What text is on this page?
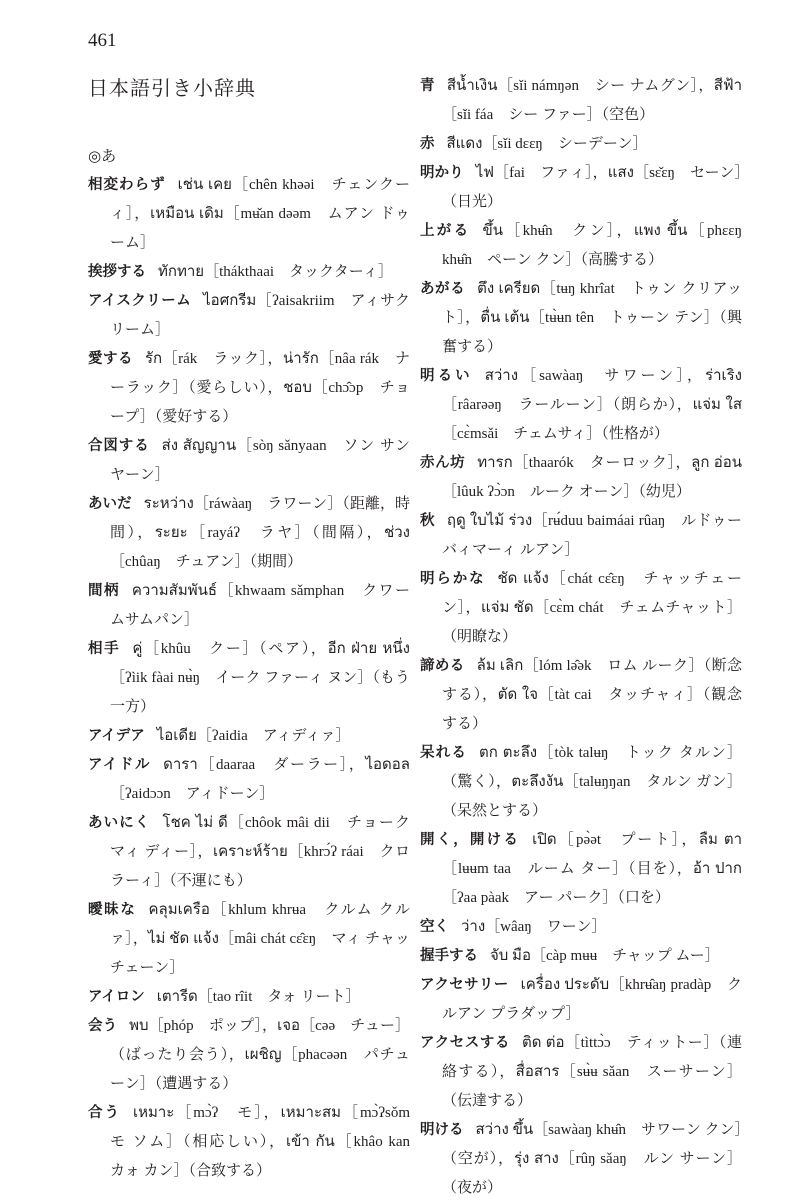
461
日本語引き小辞典
◎あ
相変わらず เช่น เคย［chên khəəi　チェンクーィ］，เหมือน เดิม［mʉ̌an dəəm　ムアン ドゥーム］
挨拶する ทักทาย［thákthaai　タックターィ］
アイスクリーム ไอศกรีม［ʔaisakriim　アィサクリーム］
愛する รัก［rák　ラック］，น่ารัก［nâa rák　ナーラック］（愛らしい），ชอบ［chɔ̂ɔp　チョープ］（愛好する）
合図する ส่ง สัญญาน［sòŋ sǎnyaan　ソン サンヤーン］
あいだ ระหว่าง［ráwàaŋ　ラワーン］（距離，時間），ระยะ［rayáʔ　ラヤ］（間隔），ช่วง［chûaŋ　チュアン］（期間）
間柄 ความสัมพันธ์［khwaam sǎmphan　クワームサムパン］
相手 คู่［khûu　クー］（ペア），อีก ฝ่าย หนึ่ง［ʔìik fàai nʉ̀ŋ　イーク ファーィ ヌン］（もう一方）
アイデア ไอเดีย［ʔaidia　アィディァ］
アイドル ดารา［daaraa　ダーラー］，ไอดอล［ʔaidɔɔn　アィドーン］
あいにく โชค ไม่ ดี［chôok mâi dii　チョーク マィ ディー］，เคราะห์ร้าย［khrɔ́ʔ ráai　クロ ラーィ］（不運にも）
曖昧な คลุมเครือ［khlum khrʉa　クルム クルァ］，ไม่ ชัด แจ้ง［mâi chát cɛ̂ɛŋ　マィ チャッチェーン］
アイロン เตารีด［tao rîit　タォ リート］
会う พบ［phóp　ポップ］，เจอ［cəə　チュー］（ばったり会う），เผชิญ［phacəən　パチューン］（遭遇する）
合う เหมาะ［mɔ̀ʔ　モ］，เหมาะสม［mɔ̀ʔsǒm　モ ソム］（相応しい），เข้า กัน［khâo kan　カォ カン］（合致する）
青 สีน้ำเงิน［sǐi námŋən　シー ナムグン］，สีฟ้า［sǐi fáa　シー ファー］（空色）
赤 สีแดง［sǐi dɛɛŋ　シーデーン］
明かり ไฟ［fai　ファィ］，แสง［sɛ̌ɛŋ　セーン］（日光）
上がる ขึ้น［khʉ̂n　クン］，แพง ขึ้น［phɛɛŋ khʉ̂n　ペーン クン］（高騰する）
あがる ตึง เครียด［tʉŋ khrîat　トゥン クリアット］，ตื่น เต้น［tʉ̀ʉn tên　トゥーン テン］（興奮する）
明るい สว่าง［sawàaŋ　サワーン］，ร่าเริง［râarəəŋ　ラールーン］（朗らか），แจ่ม ใส［cɛ̀msǎi　チェムサィ］（性格が）
赤ん坊 ทารก［thaarók　ターロック］，ลูก อ่อน［lûuk ʔɔ̀ɔn　ルーク オーン］（幼児）
秋 ฤดู ใบไม้ ร่วง［rʉ́duu baimáai rûaŋ　ルドゥー バィマーィ ルアン］
明らかな ชัด แจ้ง［chát cɛ̂ɛŋ　チャッチェーン］，แจ่ม ชัด［cɛ̀m chát　チェムチャット］（明瞭な）
諦める ล้ม เลิก［lóm lə̂ək　ロム ルーク］（断念する），ตัด ใจ［tàt cai　タッチャィ］（観念する）
呆れる ตก ตะลึง［tòk talʉŋ　トック タルン］（驚く），ตะลึงงัน［talʉŋŋan　タルン ガン］（呆然とする）
開く，開ける เปิด［pə̀ət　プート］，ลืม ตา［lʉʉm taa　ルーム ター］（目を），อ้า ปาก［ʔaa pàak　アー パーク］（口を）
空く ว่าง［wâaŋ　ワーン］
握手する จับ มือ［càp mʉʉ　チャップ ムー］
アクセサリー เครื่อง ประดับ［khrʉ̂aŋ pradàp　クルアン プラダップ］
アクセスする ติด ต่อ［tìttɔ̀ɔ　ティットー］（連絡する），สื่อสาร［sʉ̀ʉ sǎan　スーサーン］（伝達する）
明ける สว่าง ขึ้น［sawàaŋ khʉ̂n　サワーン クン］（空が），รุ่ง สาง［rûŋ sǎaŋ　ルン サーン］（夜が）
